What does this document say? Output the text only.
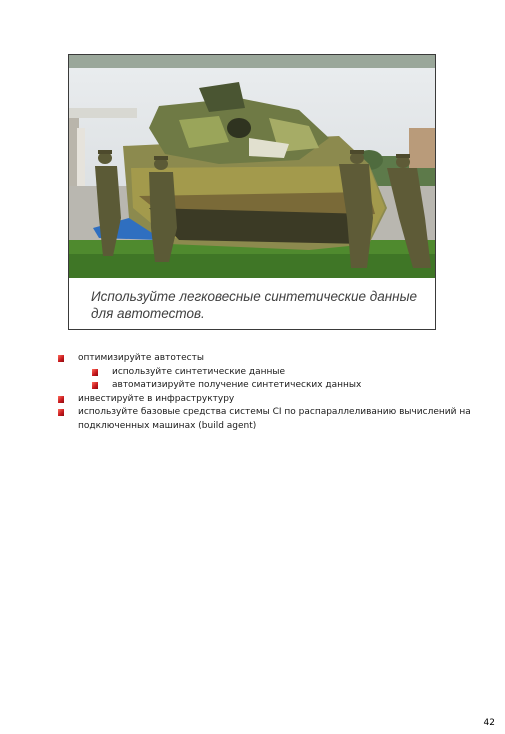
Используйте легковесные синтетические данные для автотестов.
оптимизируйте автотесты
используйте синтетические данные
автоматизируйте получение синтетических данных
инвестируйте в инфраструктуру
используйте базовые средства системы CI по распараллеливанию вычислений на подключенных машинах (build agent)
42
